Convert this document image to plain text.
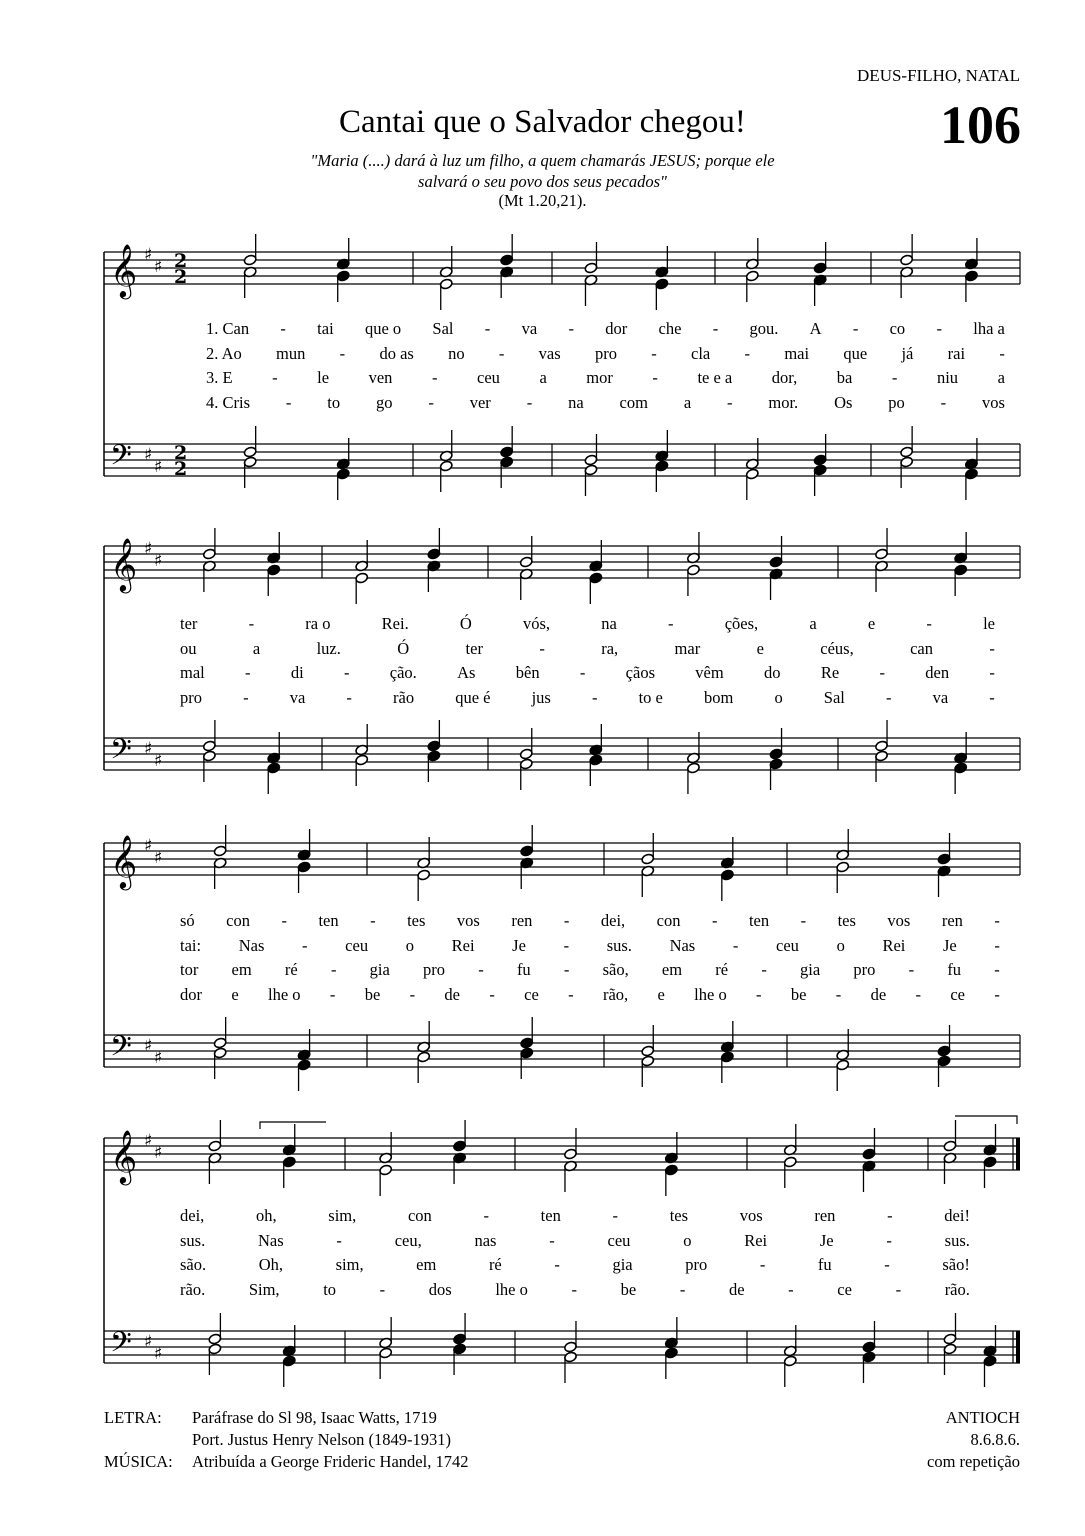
DEUS-FILHO, NATAL
106
Cantai que o Salvador chegou!
"Maria (....) dará à luz um filho, a quem chamarás JESUS; porque ele
salvará o seu povo dos seus pecados"
(Mt 1.20,21).
𝄞
𝄢
♯
♯
♯
♯
2
2
2
2
𝄞
𝄢
♯
♯
♯
♯
𝄞
𝄢
♯
♯
♯
♯
𝄞
𝄢
♯
♯
♯
♯
1. Can - tai que o Sal - va - dor che - gou. A - co - lha a
2. Ao mun - do as no - vas pro - cla - mai que já rai -
3. E - le ven - ceu a mor - te e a dor, ba - niu a
4. Cris - to go - ver - na com a - mor. Os po - vos
ter	-	ra o	Rei.	Ó	vós,	na	-	ções,	a	e	-	le
ou	a	luz.	Ó	ter	-	ra,	mar	e	céus,	can	-
mal - di - ção. As bên - çãos vêm do Re - den -
pro - va - rão que é jus - to e bom o Sal - va -
só con - ten - tes vos ren - dei, con - ten - tes vos ren -
tai: Nas - ceu o Rei Je - sus. Nas - ceu o Rei Je -
tor em ré - gia pro - fu - são, em ré - gia pro - fu -
dor e lhe o - be - de - ce - rão, e lhe o - be - de - ce -
dei,	oh,	sim,	con	-	ten	-	tes	vos	ren	-	dei!
sus.	Nas	-	ceu,	nas	-	ceu	o	Rei	Je	-	sus.
são.	Oh,	sim,	em	ré	-	gia	pro	-	fu	-	são!
rão.	Sim,	to	-	dos	lhe o	-	be	-	de	-	ce	-	rão.
LETRA: Paráfrase do Sl 98, Isaac Watts, 1719
Port. Justus Henry Nelson (1849-1931)
MÚSICA: Atribuída a George Frideric Handel, 1742
ANTIOCH
8.6.8.6.
com repetição
